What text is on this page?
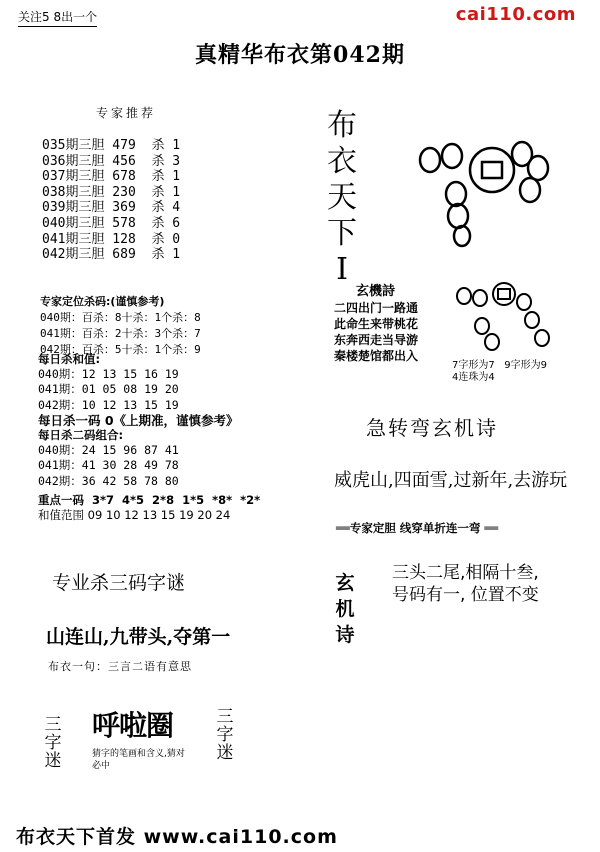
关注5 8出一个	cai110.com
真精华布衣第042期
专家推荐
035期三胆 479  杀 1
036期三胆 456  杀 3
037期三胆 678  杀 1
038期三胆 230  杀 1
039期三胆 369  杀 4
040期三胆 578  杀 6
041期三胆 128  杀 0
042期三胆 689  杀 1
专家定位杀码:(谨慎参考)
040期：百杀：8十杀：1个杀：8
041期：百杀：2十杀：3个杀：7
042期：百杀：5十杀：1个杀：9
每日杀和值:
040期：12 13 15 16 19
041期：01 05 08 19 20
042期：10 12 13 15 19
每日杀一码 0《上期准，谨慎参考》
每日杀二码组合:
040期：24 15 96 87 41
041期：41 30 28 49 78
042期：36 42 58 78 80
重点一码  3*7  4*5  2*8  1*5  *8*  *2*
和值范围 09 10 12 13 15 19 20 24
专业杀三码字谜
山连山,九带头,夺第一
布衣一句：三言二语有意思
三字迷
呼啦圈
猜字的笔画和含义,猜对必中
三字迷
布衣天下I
玄機詩
二四出门一路通
此命生来带桃花
东奔西走当导游
秦楼楚馆都出入
7字形为7   9字形为9
4连珠为4
急转弯玄机诗
威虎山,四面雪,过新年,去游玩
══专家定胆 线穿单折连一弯 ══
玄机诗
三头二尾,相隔十叁,
号码有一, 位置不变
布衣天下首发 www.cai110.com
